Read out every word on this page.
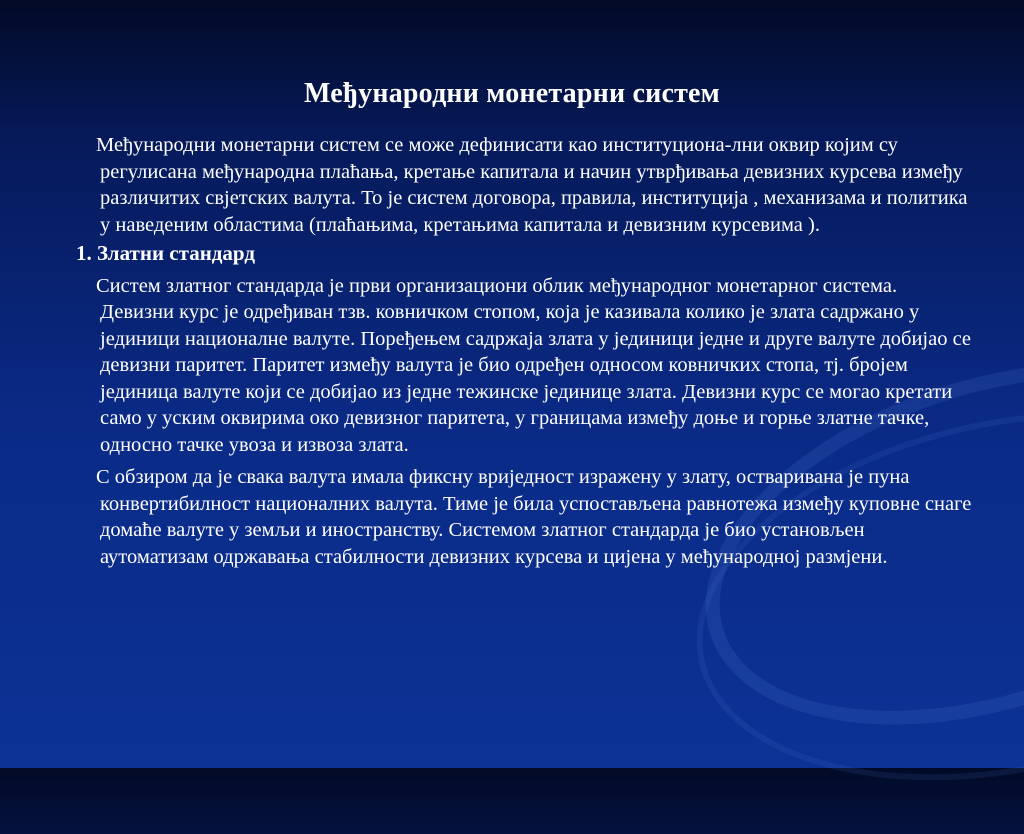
Међународни монетарни систем

Међународни монетарни систем се може дефинисати као институциона-лни оквир којим су регулисана међународна плаћања, кретање капитала и начин утврђивања девизних курсева између различитих свјетских валута. То је систем договора, правила, институција , механизама и политика у наведеним областима (плаћањима, кретањима капитала и девизним курсевима ).

1. Златни стандард

Систем златног стандарда је први организациони облик међународног монетарног система. Девизни курс је одређиван тзв. ковничком стопом, која је казивала колико је злата садржано у јединици националне валуте. Поређењем садржаја злата у јединици једне и друге валуте добијао се девизни паритет. Паритет између валута је био одређен односом ковничких стопа, тј. бројем јединица валуте који се добијао из једне тежинске јединице злата. Девизни курс се могао кретати само у уским оквирима око девизног паритета, у границама између доње и горње златне тачке, односно тачке увоза и извоза злата.

С обзиром да је свака валута имала фиксну вриједност изражену у злату, остваривана је пуна конвертибилност националних валута. Тиме је била успостављена равнотежа између куповне снаге домаће валуте у земљи и иностранству. Системом златног стандарда је био установљен аутоматизам одржавања стабилности девизних курсева и цијена у међународној размјени.
